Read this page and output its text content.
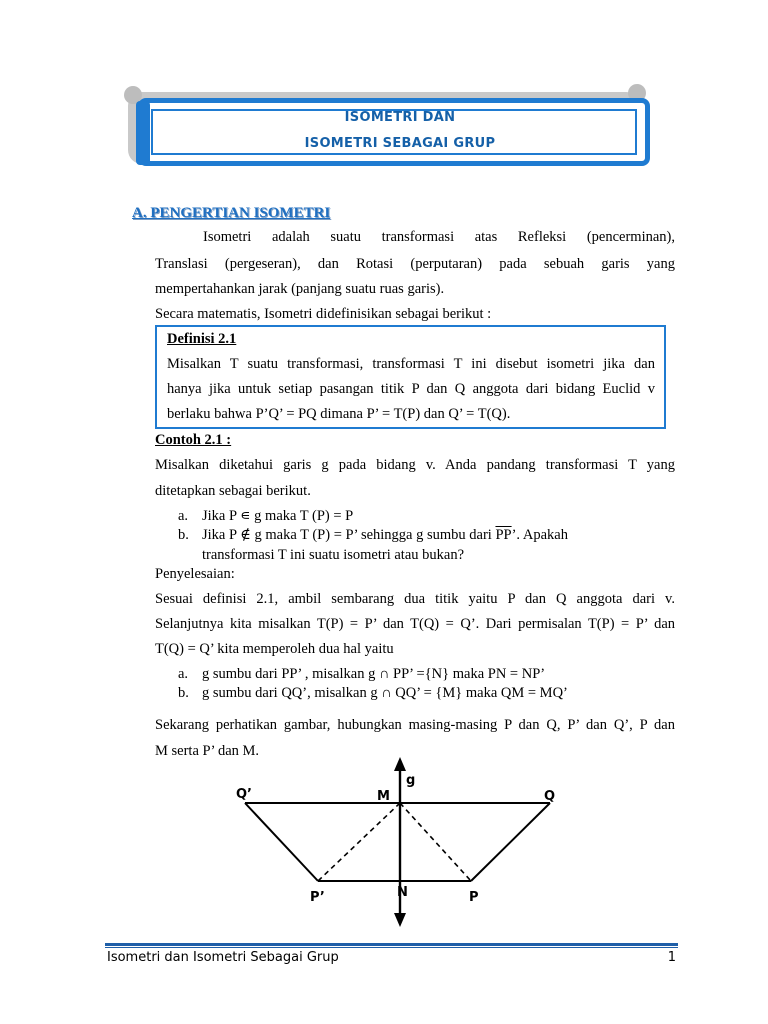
ISOMETRI DAN
ISOMETRI SEBAGAI GRUP
A. PENGERTIAN ISOMETRI
Isometri adalah suatu transformasi atas Refleksi (pencerminan),
Translasi (pergeseran), dan Rotasi (perputaran) pada sebuah garis yang
mempertahankan jarak (panjang suatu ruas garis).
Secara matematis, Isometri didefinisikan sebagai berikut :
Definisi 2.1
Misalkan T suatu transformasi, transformasi T ini disebut isometri jika dan
hanya jika untuk setiap pasangan titik P dan Q anggota dari bidang Euclid v
berlaku bahwa P’Q’ = PQ dimana P’ = T(P) dan Q’ = T(Q).
Contoh 2.1 :
Misalkan diketahui garis g pada bidang v. Anda pandang transformasi T yang
ditetapkan sebagai berikut.
a. Jika P ∊ g maka T (P) = P
b. Jika P ∉ g maka T (P) = P’ sehingga g sumbu dari $\overline{PP}$’. Apakah
transformasi T ini suatu isometri atau bukan?
Penyelesaian:
Sesuai definisi 2.1, ambil sembarang dua titik yaitu P dan Q anggota dari v.
Selanjutnya kita misalkan T(P) = P’ dan T(Q) = Q’. Dari permisalan T(P) = P’ dan
T(Q) = Q’ kita memperoleh dua hal yaitu
a. g sumbu dari PP’ , misalkan g ∩ PP’ ={N} maka PN = NP’
b. g sumbu dari QQ’, misalkan g ∩ QQ’ = {M} maka QM = MQ’
Sekarang perhatikan gambar, hubungkan masing-masing P dan Q, P’ dan Q’, P dan
M serta P’ dan M.
Q’	M	Q
P’	N	P
g
Isometri dan Isometri Sebagai Grup	1
